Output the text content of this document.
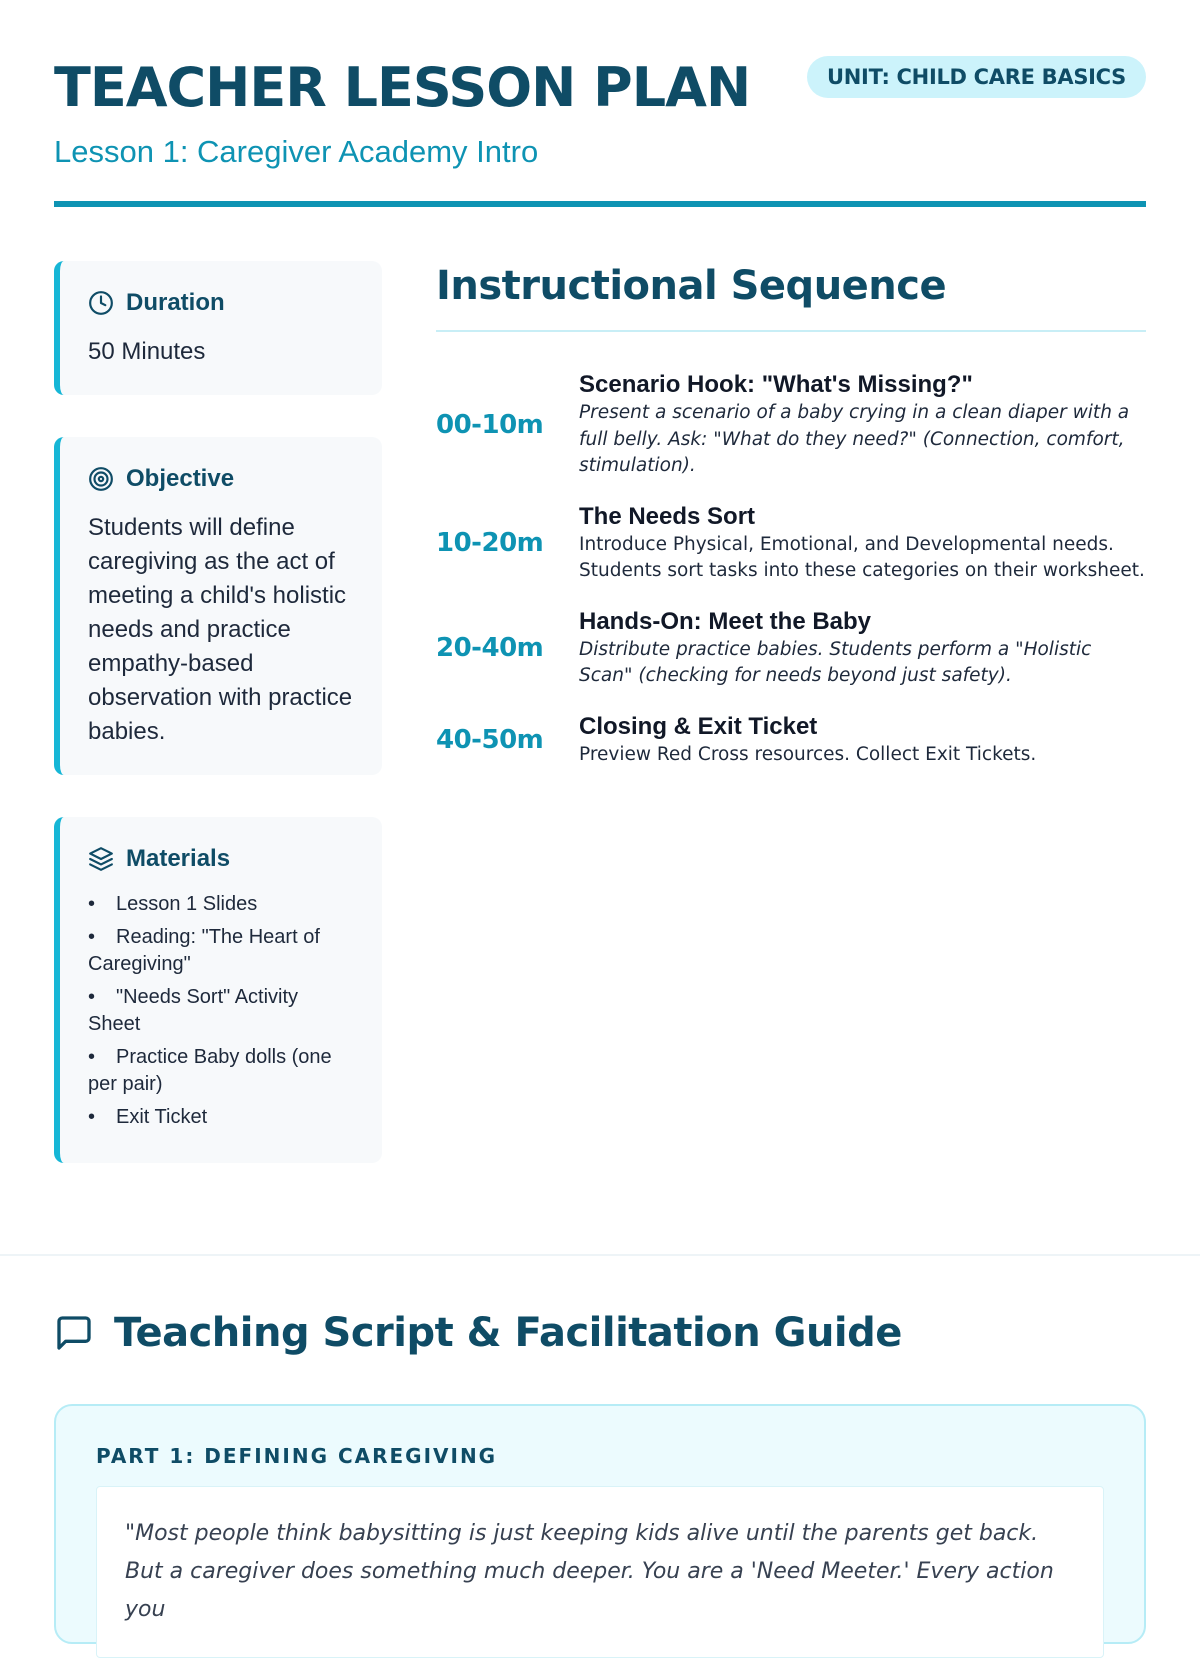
TEACHER LESSON PLAN	UNIT: CHILD CARE BASICS
Lesson 1: Caregiver Academy Intro
Duration
50 Minutes
Objective
Students will define caregiving as the act of meeting a child's holistic needs and practice empathy-based observation with practice babies.
Materials
• Lesson 1 Slides
• Reading: "The Heart of Caregiving"
• "Needs Sort" Activity Sheet
• Practice Baby dolls (one per pair)
• Exit Ticket
Instructional Sequence
00-10m
Scenario Hook: "What's Missing?"
Present a scenario of a baby crying in a clean diaper with a full belly. Ask: "What do they need?" (Connection, comfort, stimulation).
10-20m
The Needs Sort
Introduce Physical, Emotional, and Developmental needs. Students sort tasks into these categories on their worksheet.
20-40m
Hands-On: Meet the Baby
Distribute practice babies. Students perform a "Holistic Scan" (checking for needs beyond just safety).
40-50m	Closing & Exit Ticket
Preview Red Cross resources. Collect Exit Tickets.
Teaching Script & Facilitation Guide
PART 1: DEFINING CAREGIVING

"Most people think babysitting is just keeping kids alive until the parents get back. But a caregiver does something much deeper. You are a 'Need Meeter.' Every action you
